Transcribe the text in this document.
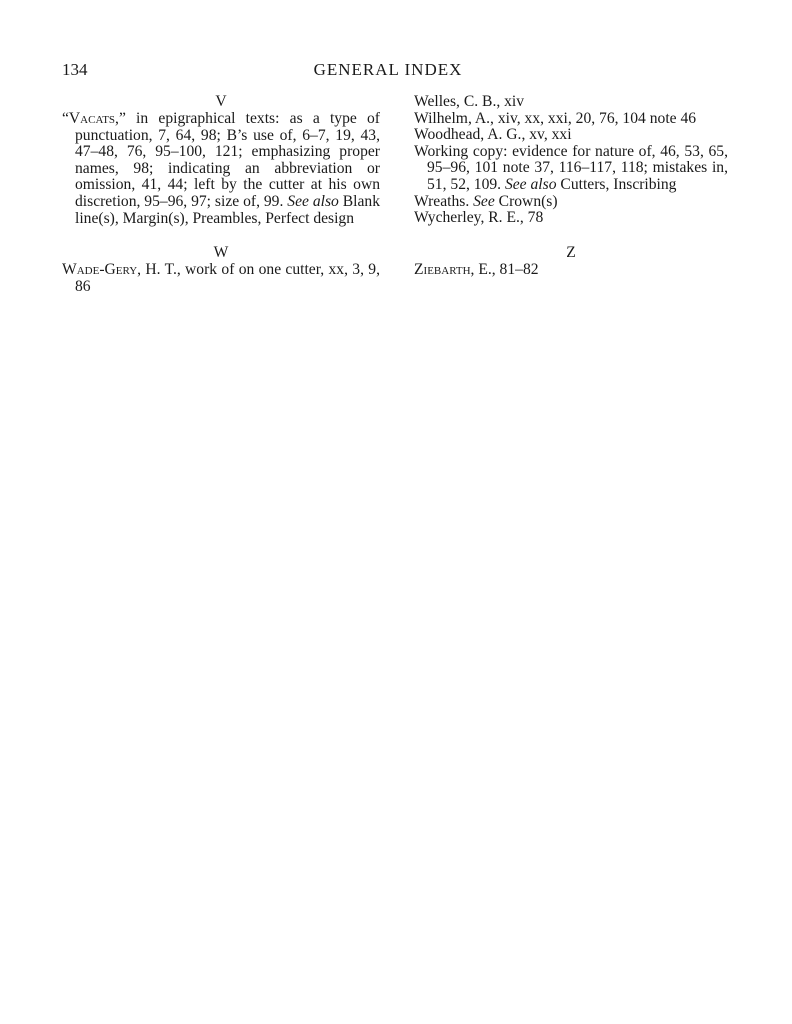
134	GENERAL INDEX
V

“Vacats,” in epigraphical texts: as a type of punctuation, 7, 64, 98; B’s use of, 6–7, 19, 43, 47–48, 76, 95–100, 121; emphasizing proper names, 98; indicating an abbreviation or omission, 41, 44; left by the cutter at his own discretion, 95–96, 97; size of, 99. See also Blank line(s), Margin(s), Preambles, Perfect design

W

Wade-Gery, H. T., work of on one cutter, xx, 3, 9, 86

Welles, C. B., xiv

Wilhelm, A., xiv, xx, xxi, 20, 76, 104 note 46

Woodhead, A. G., xv, xxi

Working copy: evidence for nature of, 46, 53, 65, 95–96, 101 note 37, 116–117, 118; mistakes in, 51, 52, 109. See also Cutters, Inscribing

Wreaths. See Crown(s)

Wycherley, R. E., 78

Z

Ziebarth, E., 81–82
